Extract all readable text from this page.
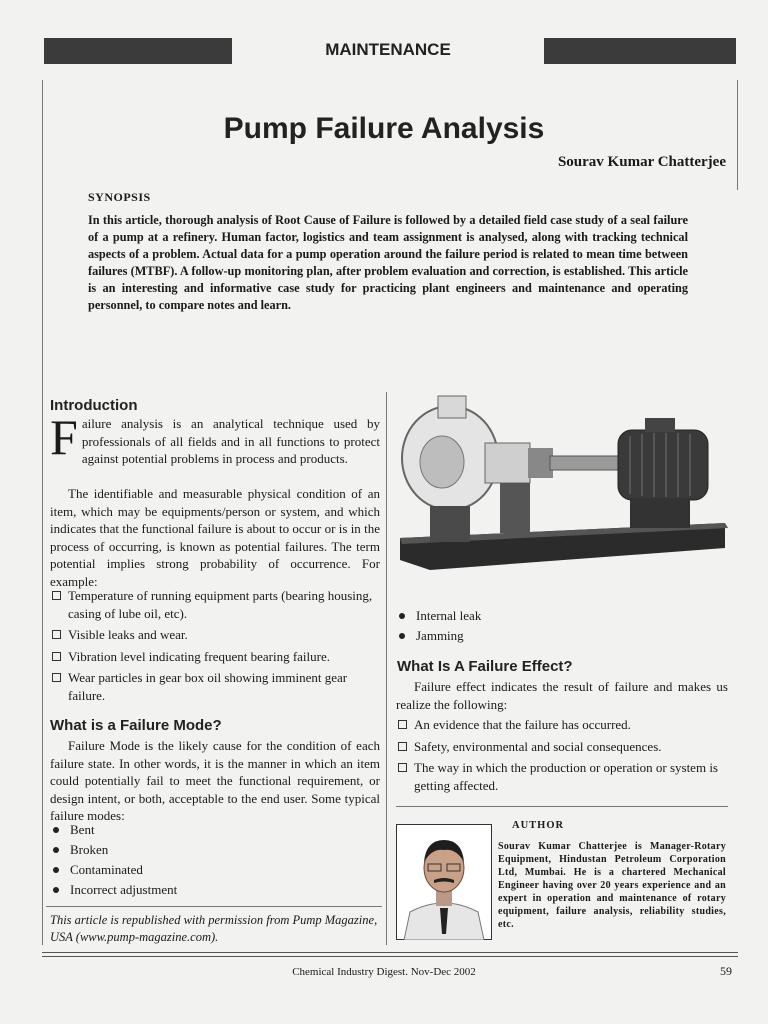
MAINTENANCE
Pump Failure Analysis
Sourav Kumar Chatterjee
SYNOPSIS
In this article, thorough analysis of Root Cause of Failure is followed by a detailed field case study of a seal failure of a pump at a refinery. Human factor, logistics and team assignment is analysed, along with tracking technical aspects of a problem. Actual data for a pump operation around the failure period is related to mean time between failures (MTBF). A follow-up monitoring plan, after problem evaluation and correction, is established. This article is an interesting and informative case study for practicing plant engineers and maintenance and operating personnel, to compare notes and learn.
Introduction

Failure analysis is an analytical technique used by professionals of all fields and in all functions to protect against potential problems in process and products.

The identifiable and measurable physical condition of an item, which may be equipments/person or system, and which indicates that the functional failure is about to occur or is in the process of occurring, is known as potential failures. The term potential implies strong probability of occurrence. For example:

Temperature of running equipment parts (bearing housing, casing of lube oil, etc).
Visible leaks and wear.
Vibration level indicating frequent bearing failure.
Wear particles in gear box oil showing imminent gear failure.
What is a Failure Mode?

Failure Mode is the likely cause for the condition of each failure state. In other words, it is the manner in which an item could potentially fail to meet the functional requirement, or design intent, or both, acceptable to the end user. Some typical failure modes:

Bent
Broken
Contaminated
Incorrect adjustment
This article is republished with permission from Pump Magazine, USA (www.pump-magazine.com).
Internal leak
Jamming
What Is A Failure Effect?

Failure effect indicates the result of failure and makes us realize the following:

An evidence that the failure has occurred.
Safety, environmental and social consequences.
The way in which the production or operation or system is getting affected.
AUTHOR
Sourav Kumar Chatterjee is Manager-Rotary Equipment, Hindustan Petroleum Corporation Ltd, Mumbai. He is a chartered Mechanical Engineer having over 20 years experience and an expert in operation and maintenance of rotary equipment, failure analysis, reliability studies, etc.
Chemical Industry Digest. Nov-Dec 2002	59
